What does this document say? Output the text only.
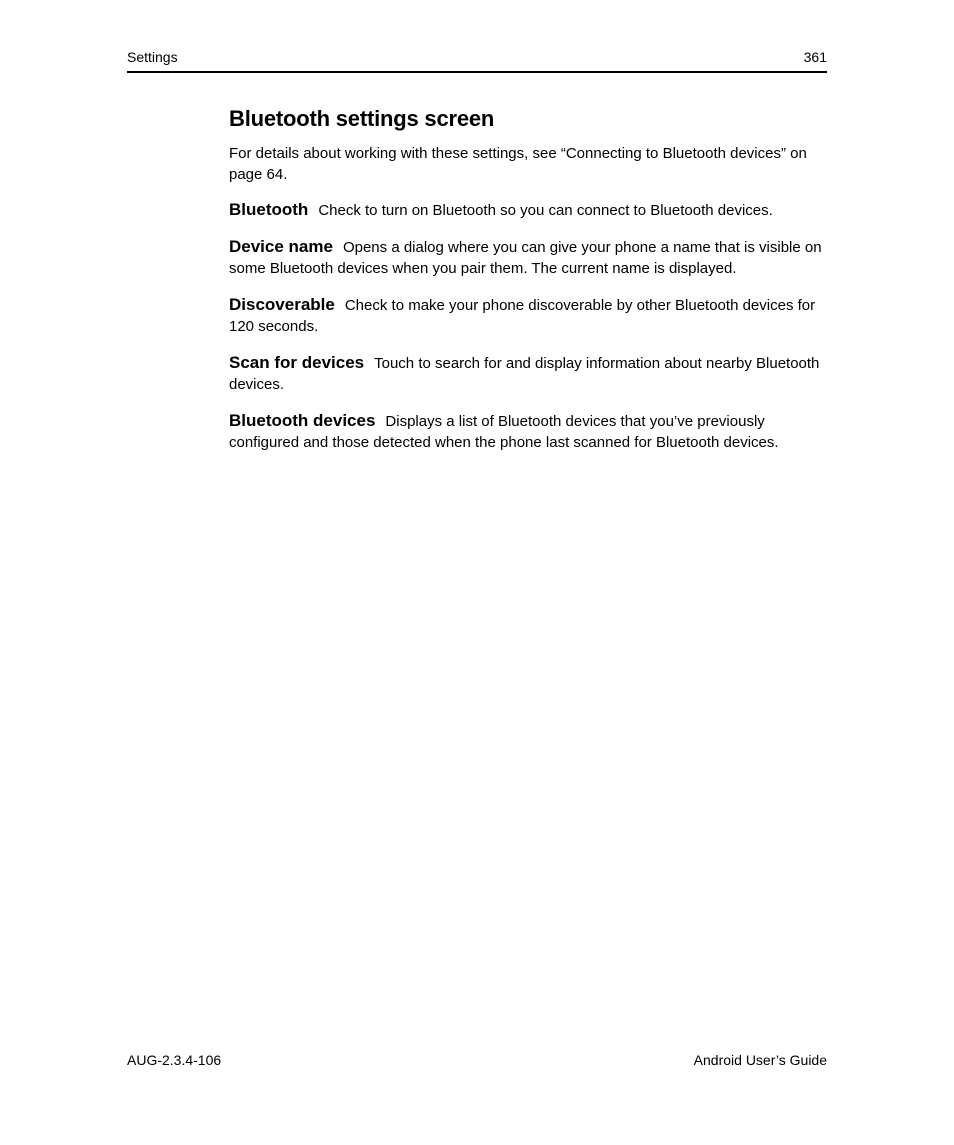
Settings	361
Bluetooth settings screen

For details about working with these settings, see “Connecting to Bluetooth devices” on page 64.

Bluetooth Check to turn on Bluetooth so you can connect to Bluetooth devices.

Device name Opens a dialog where you can give your phone a name that is visible on some Bluetooth devices when you pair them. The current name is displayed.

Discoverable Check to make your phone discoverable by other Bluetooth devices for 120 seconds.

Scan for devices Touch to search for and display information about nearby Bluetooth devices.

Bluetooth devices Displays a list of Bluetooth devices that you’ve previously configured and those detected when the phone last scanned for Bluetooth devices.

AUG-2.3.4-106	Android User’s Guide
